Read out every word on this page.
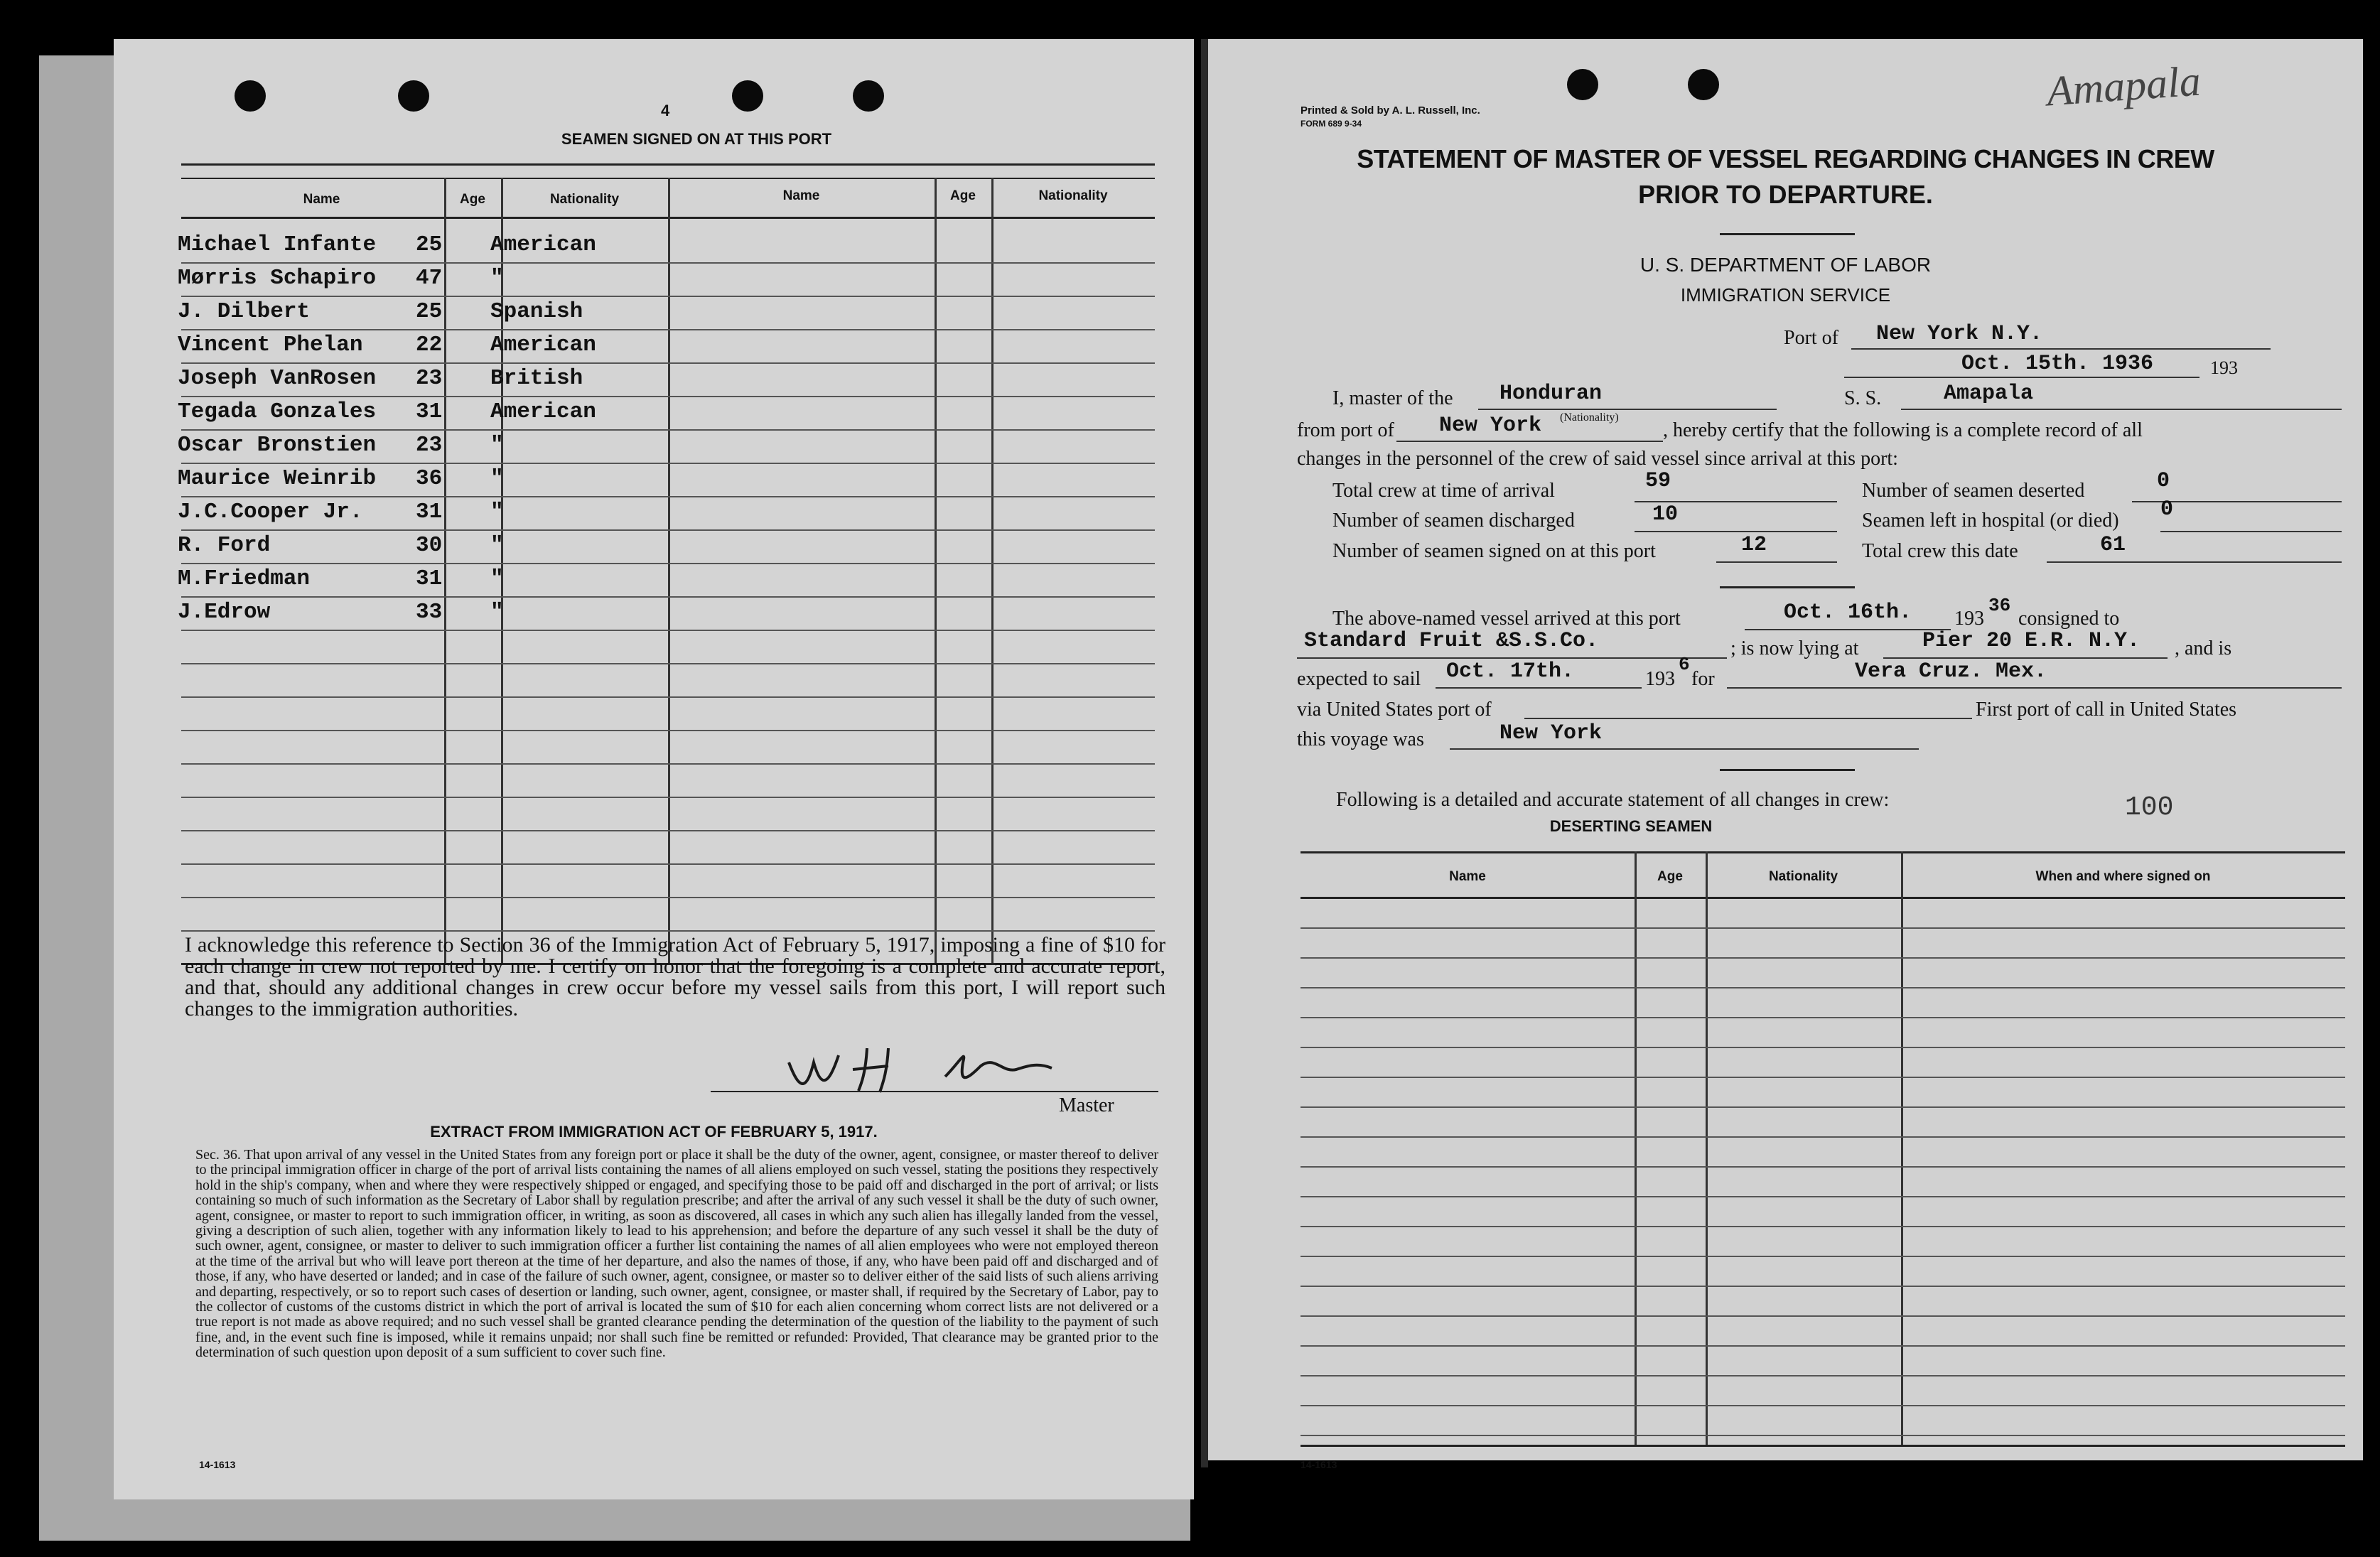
4
SEAMEN SIGNED ON AT THIS PORT
Name	Age	Nationality	Name	Age	Nationality
Michael Infante	25	American
Mørris Schapiro	47	"
J. Dilbert	25	Spanish
Vincent Phelan	22	American
Joseph VanRosen	23	British
Tegada Gonzales	31	American
Oscar Bronstien	23	"
Maurice Weinrib	36	"
J.C.Cooper Jr.	31	"
R. Ford	30	"
M.Friedman	31	"
J.Edrow	33	"
I acknowledge this reference to Section 36 of the Immigration Act of February 5, 1917, imposing a fine of $10 for each change in crew not reported by me. I certify on honor that the foregoing is a complete and accurate report, and that, should any additional changes in crew occur before my vessel sails from this port, I will report such changes to the immigration authorities.
Master
EXTRACT FROM IMMIGRATION ACT OF FEBRUARY 5, 1917.
Sec. 36. That upon arrival of any vessel in the United States from any foreign port or place it shall be the duty of the owner, agent, consignee, or master thereof to deliver to the principal immigration officer in charge of the port of arrival lists containing the names of all aliens employed on such vessel, stating the positions they respectively hold in the ship's company, when and where they were respectively shipped or engaged, and specifying those to be paid off and discharged in the port of arrival; or lists containing so much of such information as the Secretary of Labor shall by regulation prescribe; and after the arrival of any such vessel it shall be the duty of such owner, agent, consignee, or master to report to such immigration officer, in writing, as soon as discovered, all cases in which any such alien has illegally landed from the vessel, giving a description of such alien, together with any information likely to lead to his apprehension; and before the departure of any such vessel it shall be the duty of such owner, agent, consignee, or master to deliver to such immigration officer a further list containing the names of all alien employees who were not employed thereon at the time of the arrival but who will leave port thereon at the time of her departure, and also the names of those, if any, who have been paid off and discharged and of those, if any, who have deserted or landed; and in case of the failure of such owner, agent, consignee, or master so to deliver either of the said lists of such aliens arriving and departing, respectively, or so to report such cases of desertion or landing, such owner, agent, consignee, or master shall, if required by the Secretary of Labor, pay to the collector of customs of the customs district in which the port of arrival is located the sum of $10 for each alien concerning whom correct lists are not delivered or a true report is not made as above required; and no such vessel shall be granted clearance pending the determination of the question of the liability to the payment of such fine, and, in the event such fine is imposed, while it remains unpaid; nor shall such fine be remitted or refunded: Provided, That clearance may be granted prior to the determination of such question upon deposit of a sum sufficient to cover such fine.
14-1613
Printed & Sold by A. L. Russell, Inc.
FORM 689 9-34
Amapala
STATEMENT OF MASTER OF VESSEL REGARDING CHANGES IN CREW
PRIOR TO DEPARTURE.
U. S. DEPARTMENT OF LABOR
IMMIGRATION SERVICE
Port of New York N.Y.
Oct. 15th. 1936	193
I, master of the Honduran	S. S.	Amapala
from port of New York (Nationality)
, hereby certify that the following is a complete record of all
changes in the personnel of the crew of said vessel since arrival at this port:
Total crew at time of arrival	59	Number of seamen deserted	0
Number of seamen discharged	10	Seamen left in hospital (or died) 0
Number of seamen signed on at this port	12	Total crew this date	61
The above-named vessel arrived at this port	Oct. 16th. 193
36
consigned to
Standard Fruit &S.S.Co.	; is now lying at	Pier 20 E.R. N.Y. , and is
expected to sail Oct. 17th.	193
6
for	Vera Cruz. Mex.
via United States port of	First port of call in United States
this voyage was	New York
Following is a detailed and accurate statement of all changes in crew:	100
DESERTING SEAMEN
Name	Age	Nationality	When and where signed on
14-1613
